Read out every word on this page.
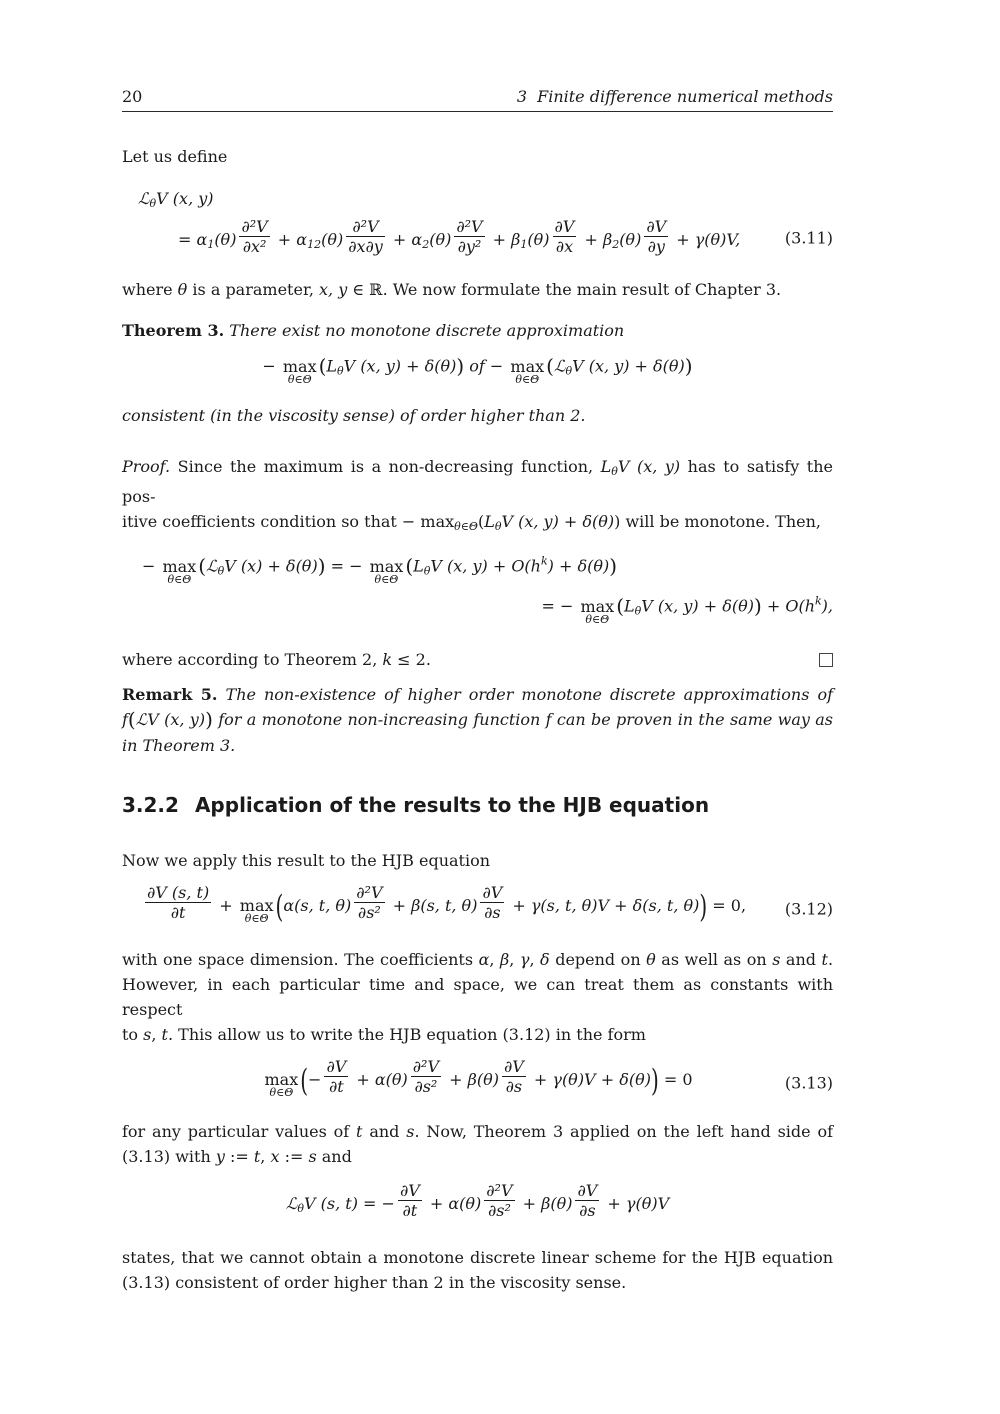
20	3 Finite difference numerical methods
Let us define
ℒθV (x, y)
= $\alpha 1(\theta) \frac{\text{∂²V}}{\text{∂x²}} + \alpha 12(\theta) \frac{\text{∂²V}}{\partial x\partial y} + \alpha 2(\theta) \frac{\text{∂²V}}{\text{∂y²}} + \beta 1(\theta) \frac{\partial V}{\partial x} + \beta 2(\theta) \frac{\partial V}{\partial y} + \gamma(\theta)V$,	(3.11)
where θ is a parameter, x, y ∈ ℝ. We now formulate the main result of Chapter 3.
Theorem 3. There exist no monotone discrete approximation
− max
θ∈Θ
(LθV (x, y) + δ(θ)) of − max
θ∈Θ
(ℒθV (x, y) + δ(θ))
consistent (in the viscosity sense) of order higher than 2.
Proof. Since the maximum is a non-decreasing function, LθV (x, y) has to satisfy the pos-
itive coefficients condition so that − maxθ∈Θ(LθV (x, y) + δ(θ)) will be monotone. Then,
− max
θ∈Θ
(ℒθV (x) + δ(θ)) = − max
θ∈Θ
(LθV (x, $y) + O(h^k) + \delta(\theta)$)
= − max
θ∈Θ
(LθV (x, $y) + \delta(\theta)) + O(h^k)$,
where according to Theorem 2, k ≤ 2.
Remark 5. The non-existence of higher order monotone discrete approximations of
f(ℒV (x, y)) for a monotone non-increasing function f can be proven in the same way as
in Theorem 3.
3.2.2 Application of the results to the HJB equation
Now we apply this result to the HJB equation
$\frac{\partial V (s, t)}{\partial t} + \max$
θ∈Θ (α(s, t, $\theta) \frac{\text{∂²V}}{\text{∂s²}} + \beta(s$, t, $\theta) \frac{\partial V}{\partial s} + \gamma(s$, t, θ)V + δ(s, t, θ)) = 0, (3.12)
with one space dimension. The coefficients α, β, γ, δ depend on θ as well as on s and t.
However, in each particular time and space, we can treat them as constants with respect
to s, t. This allow us to write the HJB equation (3.12) in the form
max
θ∈Θ (− $\frac{\partial V}{\partial t} + \alpha(\theta) \frac{\text{∂²V}}{\text{∂s²}} + \beta(\theta) \frac{\partial V}{\partial s} + \gamma(\theta)V + \delta(\theta)) = 0$	(3.13)
for any particular values of t and s. Now, Theorem 3 applied on the left hand side of
(3.13) with y := t, x := s and
ℒθV (s, t) = − $\frac{\partial V}{\partial t} + \alpha(\theta) \frac{\text{∂²V}}{\text{∂s²}} + \beta(\theta) \frac{\partial V}{\partial s} + \gamma(\theta)V$
states, that we cannot obtain a monotone discrete linear scheme for the HJB equation
(3.13) consistent of order higher than 2 in the viscosity sense.
